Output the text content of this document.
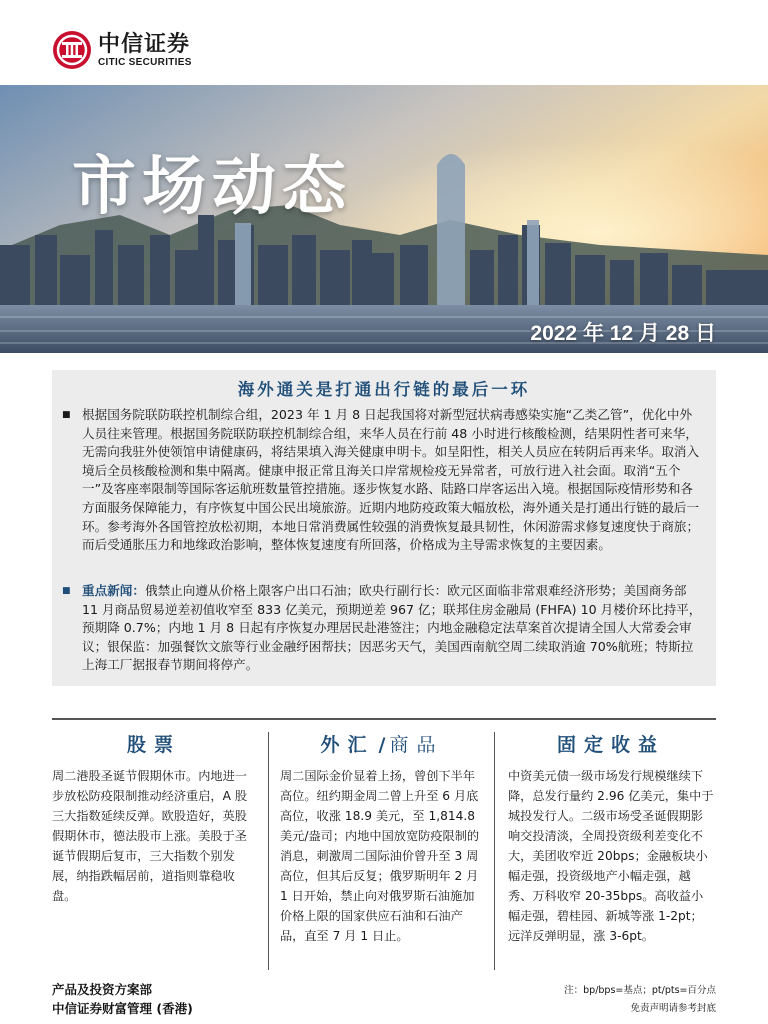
中信证券
CITIC SECURITIES
市场动态
2022 年 12 月 28 日
海外通关是打通出行链的最后一环
■ 根据国务院联防联控机制综合组，2023 年 1 月 8 日起我国将对新型冠状病毒感染实施“乙类乙管”，优化中外人员往来管理。根据国务院联防联控机制综合组，来华人员在行前 48 小时进行核酸检测，结果阴性者可来华，无需向我驻外使领馆申请健康码，将结果填入海关健康申明卡。如呈阳性，相关人员应在转阴后再来华。取消入境后全员核酸检测和集中隔离。健康申报正常且海关口岸常规检疫无异常者，可放行进入社会面。取消“五个一”及客座率限制等国际客运航班数量管控措施。逐步恢复水路、陆路口岸客运出入境。根据国际疫情形势和各方面服务保障能力，有序恢复中国公民出境旅游。近期内地防疫政策大幅放松，海外通关是打通出行链的最后一环。参考海外各国管控放松初期，本地日常消费属性较强的消费恢复最具韧性，休闲游需求修复速度快于商旅；而后受通胀压力和地缘政治影响，整体恢复速度有所回落，价格成为主导需求恢复的主要因素。
■ 重点新闻：俄禁止向遵从价格上限客户出口石油；欧央行副行长：欧元区面临非常艰难经济形势；美国商务部 11 月商品贸易逆差初值收窄至 833 亿美元，预期逆差 967 亿；联邦住房金融局 (FHFA) 10 月楼价环比持平，预期降 0.7%；内地 1 月 8 日起有序恢复办理居民赴港签注；内地金融稳定法草案首次提请全国人大常委会审议；银保监：加强餐饮文旅等行业金融纾困帮扶；因恶劣天气，美国西南航空周二续取消逾 70%航班；特斯拉上海工厂据报春节期间将停产。
股票
周二港股圣诞节假期休市。内地进一步放松防疫限制推动经济重启，A 股三大指数延续反弹。欧股造好，英股假期休市，德法股市上涨。美股于圣诞节假期后复市，三大指数个别发展，纳指跌幅居前，道指则靠稳收盘。
外汇 / 商品
周二国际金价显着上扬，曾创下半年高位。纽约期金周二曾上升至 6 月底高位，收涨 18.9 美元，至 1,814.8 美元/盎司；内地中国放宽防疫限制的消息，刺激周二国际油价曾升至 3 周高位，但其后反复；俄罗斯明年 2 月 1 日开始，禁止向对俄罗斯石油施加价格上限的国家供应石油和石油产品，直至 7 月 1 日止。
固定收益
中资美元债一级市场发行规模继续下降，总发行量约 2.96 亿美元，集中于城投发行人。二级市场受圣诞假期影响交投清淡，全周投资级利差变化不大，美团收窄近 20bps；金融板块小幅走强，投资级地产小幅走强，越秀、万科收窄 20-35bps。高收益小幅走强，碧桂园、新城等涨 1-2pt；远洋反弹明显，涨 3-6pt。
产品及投资方案部
中信证券财富管理 (香港)
注：bp/bps=基点；pt/pts=百分点
免责声明请参考封底
